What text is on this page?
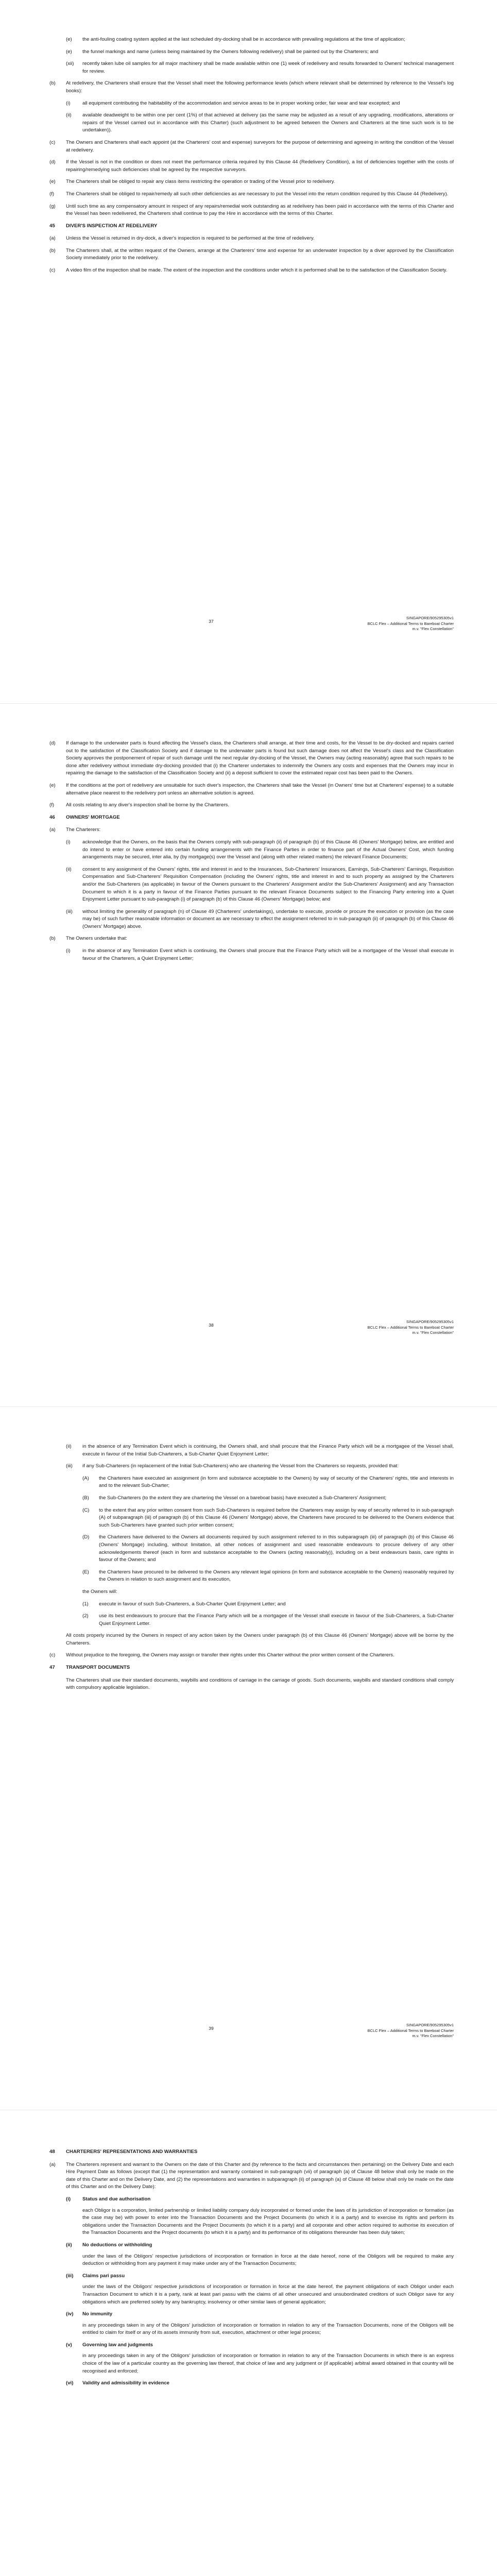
(e)	the anti-fouling coating system applied at the last scheduled dry-docking shall be in accordance with prevailing regulations at the time of application;
(e)	the funnel markings and name (unless being maintained by the Owners following redelivery) shall be painted out by the Charterers; and
(xii)	recently taken lube oil samples for all major machinery shall be made available within one (1) week of redelivery and results forwarded to Owners' technical management for review.
(b)	At redelivery, the Charterers shall ensure that the Vessel shall meet the following performance levels (which where relevant shall be determined by reference to the Vessel's log books):
(i)	all equipment contributing the habitability of the accommodation and service areas to be in proper working order, fair wear and tear excepted; and
(ii)	available deadweight to be within one per cent (1%) of that achieved at delivery (as the same may be adjusted as a result of any upgrading, modifications, alterations or repairs of the Vessel carried out in accordance with this Charter) (such adjustment to be agreed between the Owners and Charterers at the time such work is to be undertaken)).
(c)	The Owners and Charterers shall each appoint (at the Charterers' cost and expense) surveyors for the purpose of determining and agreeing in writing the condition of the Vessel at redelivery.
(d)	If the Vessel is not in the condition or does not meet the performance criteria required by this Clause 44 (Redelivery Condition), a list of deficiencies together with the costs of repairing/remedying such deficiencies shall be agreed by the respective surveyors.
(e)	The Charterers shall be obliged to repair any class items restricting the operation or trading of the Vessel prior to redelivery.
(f)	The Charterers shall be obliged to repair/remedy all such other deficiencies as are necessary to put the Vessel into the return condition required by this Clause 44 (Redelivery).
(g)	Until such time as any compensatory amount in respect of any repairs/remedial work outstanding as at redelivery has been paid in accordance with the terms of this Charter and the Vessel has been redelivered, the Charterers shall continue to pay the Hire in accordance with the terms of this Charter.
45	DIVER'S INSPECTION AT REDELIVERY
(a)	Unless the Vessel is returned in dry-dock, a diver's inspection is required to be performed at the time of redelivery.
(b)	The Charterers shall, at the written request of the Owners, arrange at the Charterers' time and expense for an underwater inspection by a diver approved by the Classification Society immediately prior to the redelivery.
(c)	A video film of the inspection shall be made. The extent of the inspection and the conditions under which it is performed shall be to the satisfaction of the Classification Society.
37
SINGAPORE/905295305v1
BCLC Flex – Additional Terms to Bareboat Charter
m.v. "Flex Constellation"
(d)	If damage to the underwater parts is found affecting the Vessel's class, the Charterers shall arrange, at their time and costs, for the Vessel to be dry-docked and repairs carried out to the satisfaction of the Classification Society and if damage to the underwater parts is found but such damage does not affect the Vessel's class and the Classification Society approves the postponement of repair of such damage until the next regular dry-docking of the Vessel, the Owners may (acting reasonably) agree that such repairs to be done after redelivery without immediate dry-docking provided that (i) the Charterer undertakes to indemnify the Owners any costs and expenses that the Owners may incur in repairing the damage to the satisfaction of the Classification Society and (ii) a deposit sufficient to cover the estimated repair cost has been paid to the Owners.
(e)	If the conditions at the port of redelivery are unsuitable for such diver's inspection, the Charterers shall take the Vessel (in Owners' time but at Charterers' expense) to a suitable alternative place nearest to the redelivery port unless an alternative solution is agreed.
(f)	All costs relating to any diver's inspection shall be borne by the Charterers.
46	OWNERS' MORTGAGE
(a)	The Charterers:
(i)	acknowledge that the Owners, on the basis that the Owners comply with sub-paragraph (ii) of paragraph (b) of this Clause 46 (Owners' Mortgage) below, are entitled and do intend to enter or have entered into certain funding arrangements with the Finance Parties in order to finance part of the Actual Owners' Cost, which funding arrangements may be secured, inter alia, by (by mortgage(s) over the Vessel and (along with other related matters) the relevant Finance Documents;
(ii)	consent to any assignment of the Owners' rights, title and interest in and to the Insurances, Sub-Charterers' Insurances, Earnings, Sub-Charterers' Earnings, Requisition Compensation and Sub-Charterers' Requisition Compensation (including the Owners' rights, title and interest in and to such property as assigned by the Charterers and/or the Sub-Charterers (as applicable) in favour of the Owners pursuant to the Charterers' Assignment and/or the Sub-Charterers' Assignment) and any Transaction Document to which it is a party in favour of the Finance Parties pursuant to the relevant Finance Documents subject to the Financing Party entering into a Quiet Enjoyment Letter pursuant to sub-paragraph (i) of paragraph (b) of this Clause 46 (Owners' Mortgage) below; and
(iii)	without limiting the generality of paragraph (n) of Clause 49 (Charterers' undertakings), undertake to execute, provide or procure the execution or provision (as the case may be) of such further reasonable information or document as are necessary to effect the assignment referred to in sub-paragraph (ii) of paragraph (b) of this Clause 46 (Owners' Mortgage) above.
(b)	The Owners undertake that:
(i)	in the absence of any Termination Event which is continuing, the Owners shall procure that the Finance Party which will be a mortgagee of the Vessel shall execute in favour of the Charterers, a Quiet Enjoyment Letter;
38
SINGAPORE/905295305v1
BCLC Flex – Additional Terms to Bareboat Charter
m.v. "Flex Constellation"
(ii)	in the absence of any Termination Event which is continuing, the Owners shall, and shall procure that the Finance Party which will be a mortgagee of the Vessel shall, execute in favour of the Initial Sub-Charterers, a Sub-Charter Quiet Enjoyment Letter;
(iii)	if any Sub-Charterers (in replacement of the Initial Sub-Charterers) who are chartering the Vessel from the Charterers so requests, provided that:
(A)	the Charterers have executed an assignment (in form and substance acceptable to the Owners) by way of security of the Charterers' rights, title and interests in and to the relevant Sub-Charter;
(B)	the Sub-Charterers (to the extent they are chartering the Vessel on a bareboat basis) have executed a Sub-Charterers' Assignment;
(C)	to the extent that any prior written consent from such Sub-Charterers is required before the Charterers may assign by way of security referred to in sub-paragraph (A) of subparagraph (iii) of paragraph (b) of this Clause 46 (Owners' Mortgage) above, the Charterers have procured to be delivered to the Owners evidence that such Sub-Charterers have granted such prior written consent;
(D)	the Charterers have delivered to the Owners all documents required by such assignment referred to in this subparagraph (iii) of paragraph (b) of this Clause 46 (Owners' Mortgage) including, without limitation, all other notices of assignment and used reasonable endeavours to procure delivery of any other acknowledgements thereof (each in form and substance acceptable to the Owners (acting reasonably)), including on a best endeavours basis, care rights in favour of the Owners; and
(E)	the Charterers have procured to be delivered to the Owners any relevant legal opinions (in form and substance acceptable to the Owners) reasonably required by the Owners in relation to such assignment and its execution,
the Owners will:
(1)	execute in favour of such Sub-Charterers, a Sub-Charter Quiet Enjoyment Letter; and
(2)	use its best endeavours to procure that the Finance Party which will be a mortgagee of the Vessel shall execute in favour of the Sub-Charterers, a Sub-Charter Quiet Enjoyment Letter.
All costs properly incurred by the Owners in respect of any action taken by the Owners under paragraph (b) of this Clause 46 (Owners' Mortgage) above will be borne by the Charterers.
(c)	Without prejudice to the foregoing, the Owners may assign or transfer their rights under this Charter without the prior written consent of the Charterers.
47	TRANSPORT DOCUMENTS
The Charterers shall use their standard documents, waybills and conditions of carriage in the carriage of goods. Such documents, waybills and standard conditions shall comply with compulsory applicable legislation.
39
SINGAPORE/905295305v1
BCLC Flex – Additional Terms to Bareboat Charter
m.v. "Flex Constellation"
48	CHARTERERS' REPRESENTATIONS AND WARRANTIES
(a)	The Charterers represent and warrant to the Owners on the date of this Charter and (by reference to the facts and circumstances then pertaining) on the Delivery Date and each Hire Payment Date as follows (except that (1) the representation and warranty contained in sub-paragraph (vii) of paragraph (a) of Clause 48 below shall only be made on the date of this Charter and on the Delivery Date, and (2) the representations and warranties in subparagraph (ii) of paragraph (a) of Clause 48 below shall only be made on the date of this Charter and on the Delivery Date):
(i)	Status and due authorisation
each Obligor is a corporation, limited partnership or limited liability company duly incorporated or formed under the laws of its jurisdiction of incorporation or formation (as the case may be) with power to enter into the Transaction Documents and the Project Documents (to which it is a party) and to exercise its rights and perform its obligations under the Transaction Documents and the Project Documents (to which it is a party) and all corporate and other action required to authorise its execution of the Transaction Documents and the Project documents (to which it is a party) and its performance of its obligations thereunder has been duly taken;
(ii)	No deductions or withholding
under the laws of the Obligors' respective jurisdictions of incorporation or formation in force at the date hereof, none of the Obligors will be required to make any deduction or withholding from any payment it may make under any of the Transaction Documents;
(iii)	Claims pari passu
under the laws of the Obligors' respective jurisdictions of incorporation or formation in force at the date hereof, the payment obligations of each Obligor under each Transaction Document to which it is a party, rank at least pari passu with the claims of all other unsecured and unsubordinated creditors of such Obligor save for any obligations which are preferred solely by any bankruptcy, insolvency or other similar laws of general application;
(iv)	No immunity
in any proceedings taken in any of the Obligors' jurisdiction of incorporation or formation in relation to any of the Transaction Documents, none of the Obligors will be entitled to claim for itself or any of its assets immunity from suit, execution, attachment or other legal process;
(v)	Governing law and judgments
in any proceedings taken in any of the Obligors' jurisdiction of incorporation or formation in relation to any of the Transaction Documents in which there is an express choice of the law of a particular country as the governing law thereof, that choice of law and any judgment or (if applicable) arbitral award obtained in that country will be recognised and enforced;
(vi)	Validity and admissibility in evidence
